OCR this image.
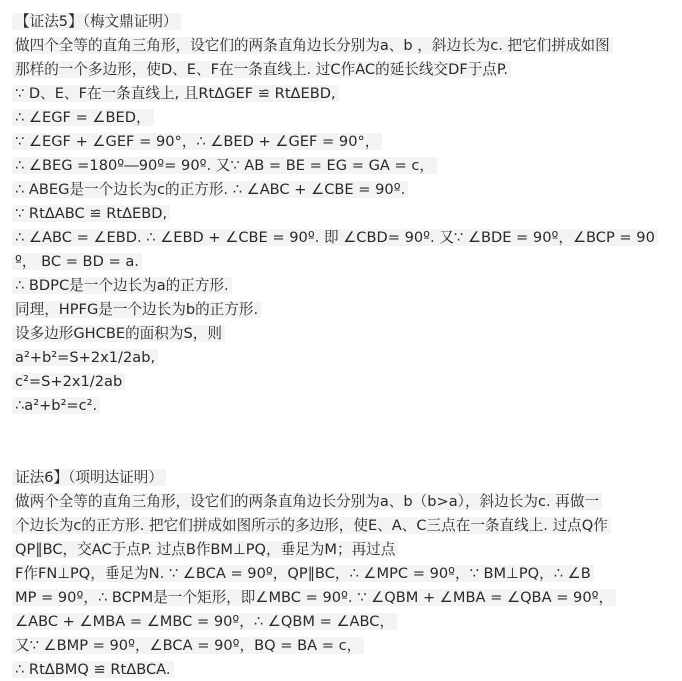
【证法5】（梅文鼎证明）
做四个全等的直角三角形，设它们的两条直角边长分别为a、b ，斜边长为c. 把它们拼成如图
那样的一个多边形，使D、E、F在一条直线上. 过C作AC的延长线交DF于点P.
∵ D、E、F在一条直线上, 且RtΔGEF ≌ RtΔEBD,
∴ ∠EGF = ∠BED，
∵ ∠EGF + ∠GEF = 90°，∴ ∠BED + ∠GEF = 90°，
∴ ∠BEG =180º―90º= 90º. 又∵ AB = BE = EG = GA = c，
∴ ABEG是一个边长为c的正方形. ∴ ∠ABC + ∠CBE = 90º.
∵ RtΔABC ≌ RtΔEBD,
∴ ∠ABC = ∠EBD. ∴ ∠EBD + ∠CBE = 90º. 即 ∠CBD= 90º. 又∵ ∠BDE = 90º，∠BCP = 90
º， BC = BD = a.
∴ BDPC是一个边长为a的正方形.
同理，HPFG是一个边长为b的正方形.
设多边形GHCBE的面积为S，则
a²+b²=S+2x1/2ab,
c²=S+2x1/2ab
∴a²+b²=c².
证法6】（项明达证明）
做两个全等的直角三角形，设它们的两条直角边长分别为a、b（b>a），斜边长为c. 再做一
个边长为c的正方形. 把它们拼成如图所示的多边形，使E、A、C三点在一条直线上. 过点Q作
QP∥BC，交AC于点P. 过点B作BM⊥PQ，垂足为M；再过点
F作FN⊥PQ，垂足为N. ∵ ∠BCA = 90º，QP∥BC，∴ ∠MPC = 90º，∵ BM⊥PQ，∴ ∠B
MP = 90º，∴ BCPM是一个矩形，即∠MBC = 90º. ∵ ∠QBM + ∠MBA = ∠QBA = 90º，
∠ABC + ∠MBA = ∠MBC = 90º，∴ ∠QBM = ∠ABC，
又∵ ∠BMP = 90º，∠BCA = 90º，BQ = BA = c，
∴ RtΔBMQ ≌ RtΔBCA.
